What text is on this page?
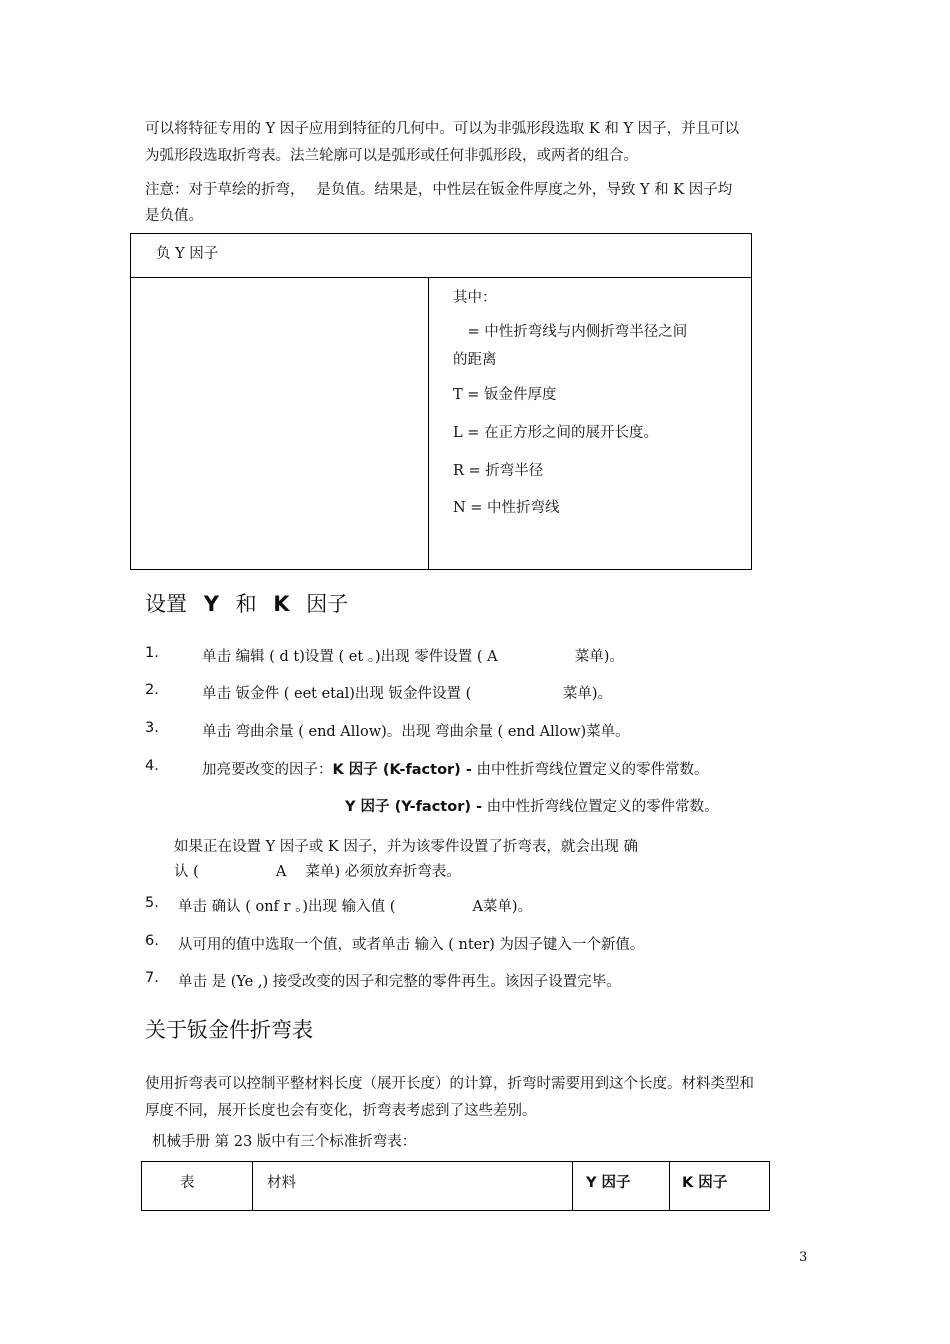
可以将特征专用的 Y 因子应用到特征的几何中。可以为非弧形段选取 K 和 Y 因子，并且可以
为弧形段选取折弯表。法兰轮廓可以是弧形或任何非弧形段，或两者的组合。
注意：对于草绘的折弯，　 是负值。结果是，中性层在钣金件厚度之外，导致 Y 和 K 因子均
是负值。
负 Y 因子
其中：
　= 中性折弯线与内侧折弯半径之间
的距离
T = 钣金件厚度
L = 在正方形之间的展开长度。
R = 折弯半径
N = 中性折弯线
设置 Y 和 K 因子
1.	单击 编辑 ( d t)设置 ( et 。)出现 零件设置 ( A　　　　　 菜单)。
2.	单击 钣金件 ( eet etal)出现 钣金件设置 (　　　　　　 菜单)。
3.	单击 弯曲余量 ( end Allow)。出现 弯曲余量 ( end Allow)菜单。
4.	加亮要改变的因子：K 因子 (K-factor) - 由中性折弯线位置定义的零件常数。
Y 因子 (Y-factor) - 由中性折弯线位置定义的零件常数。
如果正在设置 Y 因子或 K 因子，并为该零件设置了折弯表，就会出现 确
认 (　　　　　 A　 菜单) 必须放弃折弯表。
5. 单击 确认 ( onf r 。)出现 输入值 (　　　　　 A菜单)。
6. 从可用的值中选取一个值，或者单击 输入 ( nter) 为因子键入一个新值。
7. 单击 是 (Ye ,) 接受改变的因子和完整的零件再生。该因子设置完毕。
关于钣金件折弯表
使用折弯表可以控制平整材料长度（展开长度）的计算，折弯时需要用到这个长度。材料类型和
厚度不同，展开长度也会有变化，折弯表考虑到了这些差别。
机械手册 第 23 版中有三个标准折弯表：
表	材料	Y 因子	K 因子
3
